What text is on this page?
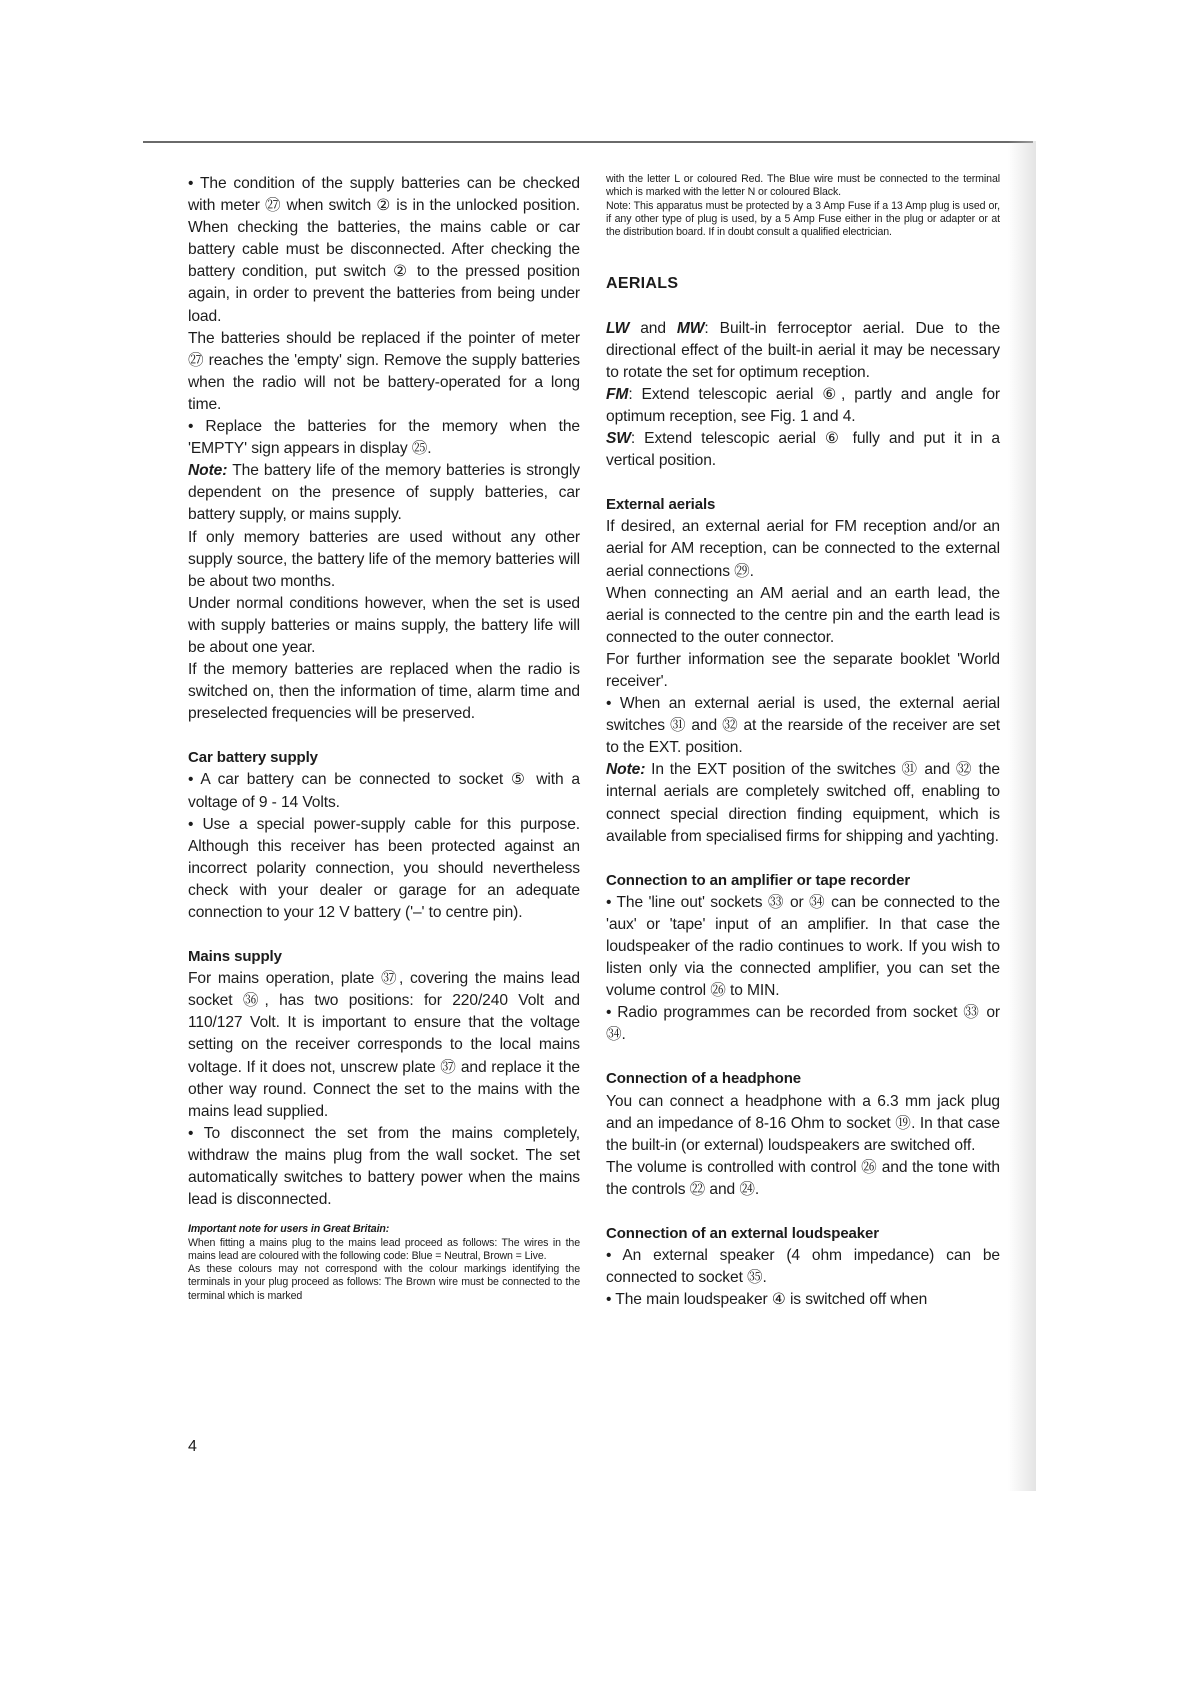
• The condition of the supply batteries can be checked with meter ㉗ when switch ② is in the unlocked position. When checking the batteries, the mains cable or car battery cable must be disconnected. After checking the battery condition, put switch ② to the pressed position again, in order to prevent the batteries from being under load.

The batteries should be replaced if the pointer of meter ㉗ reaches the 'empty' sign. Remove the supply batteries when the radio will not be battery-operated for a long time.

• Replace the batteries for the memory when the 'EMPTY' sign appears in display ㉕.

Note: The battery life of the memory batteries is strongly dependent on the presence of supply batteries, car battery supply, or mains supply.

If only memory batteries are used without any other supply source, the battery life of the memory batteries will be about two months.

Under normal conditions however, when the set is used with supply batteries or mains supply, the battery life will be about one year.

If the memory batteries are replaced when the radio is switched on, then the information of time, alarm time and preselected frequencies will be preserved.

Car battery supply

• A car battery can be connected to socket ⑤ with a voltage of 9 - 14 Volts.

• Use a special power-supply cable for this purpose. Although this receiver has been protected against an incorrect polarity connection, you should nevertheless check with your dealer or garage for an adequate connection to your 12 V battery ('–' to centre pin).

Mains supply

For mains operation, plate ㊲, covering the mains lead socket ㊱, has two positions: for 220/240 Volt and 110/127 Volt. It is important to ensure that the voltage setting on the receiver corresponds to the local mains voltage. If it does not, unscrew plate ㊲ and replace it the other way round. Connect the set to the mains with the mains lead supplied.

• To disconnect the set from the mains completely, withdraw the mains plug from the wall socket. The set automatically switches to battery power when the mains lead is disconnected.

Important note for users in Great Britain:

When fitting a mains plug to the mains lead proceed as follows: The wires in the mains lead are coloured with the following code: Blue = Neutral, Brown = Live.

As these colours may not correspond with the colour markings identifying the terminals in your plug proceed as follows: The Brown wire must be connected to the terminal which is marked

with the letter L or coloured Red. The Blue wire must be connected to the terminal which is marked with the letter N or coloured Black.

Note: This apparatus must be protected by a 3 Amp Fuse if a 13 Amp plug is used or, if any other type of plug is used, by a 5 Amp Fuse either in the plug or adapter or at the distribution board. If in doubt consult a qualified electrician.

AERIALS

LW and MW: Built-in ferroceptor aerial. Due to the directional effect of the built-in aerial it may be necessary to rotate the set for optimum reception.

FM: Extend telescopic aerial ⑥, partly and angle for optimum reception, see Fig. 1 and 4.

SW: Extend telescopic aerial ⑥ fully and put it in a vertical position.

External aerials

If desired, an external aerial for FM reception and/or an aerial for AM reception, can be connected to the external aerial connections ㉙.

When connecting an AM aerial and an earth lead, the aerial is connected to the centre pin and the earth lead is connected to the outer connector.

For further information see the separate booklet 'World receiver'.

• When an external aerial is used, the external aerial switches ㉛ and ㉜ at the rearside of the receiver are set to the EXT. position.

Note: In the EXT position of the switches ㉛ and ㉜ the internal aerials are completely switched off, enabling to connect special direction finding equipment, which is available from specialised firms for shipping and yachting.

Connection to an amplifier or tape recorder

• The 'line out' sockets ㉝ or ㉞ can be connected to the 'aux' or 'tape' input of an amplifier. In that case the loudspeaker of the radio continues to work. If you wish to listen only via the connected amplifier, you can set the volume control ㉖ to MIN.

• Radio programmes can be recorded from socket ㉝ or ㉞.

Connection of a headphone

You can connect a headphone with a 6.3 mm jack plug and an impedance of 8-16 Ohm to socket ⑲. In that case the built-in (or external) loudspeakers are switched off.

The volume is controlled with control ㉖ and the tone with the controls ㉒ and ㉔.

Connection of an external loudspeaker

• An external speaker (4 ohm impedance) can be connected to socket ㉟.

• The main loudspeaker ④ is switched off when

4
